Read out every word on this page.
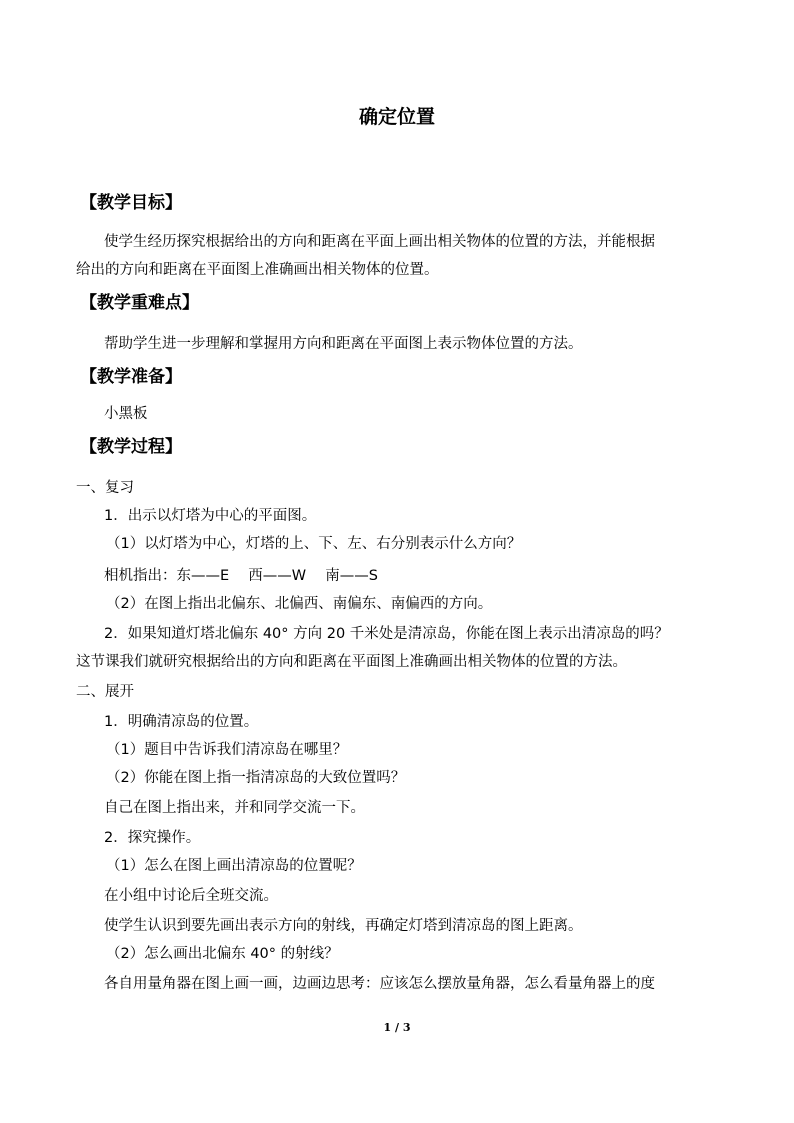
确定位置
【教学目标】
使学生经历探究根据给出的方向和距离在平面上画出相关物体的位置的方法，并能根据
给出的方向和距离在平面图上准确画出相关物体的位置。
【教学重难点】
帮助学生进一步理解和掌握用方向和距离在平面图上表示物体位置的方法。
【教学准备】
小黑板
【教学过程】
一、复习
1．出示以灯塔为中心的平面图。
（1）以灯塔为中心，灯塔的上、下、左、右分别表示什么方向？
相机指出：东——E　 西——W　 南——S
（2）在图上指出北偏东、北偏西、南偏东、南偏西的方向。
2．如果知道灯塔北偏东 40° 方向 20 千米处是清凉岛，你能在图上表示出清凉岛的吗？
这节课我们就研究根据给出的方向和距离在平面图上准确画出相关物体的位置的方法。
二、展开
1．明确清凉岛的位置。
（1）题目中告诉我们清凉岛在哪里？
（2）你能在图上指一指清凉岛的大致位置吗？
自己在图上指出来，并和同学交流一下。
2．探究操作。
（1）怎么在图上画出清凉岛的位置呢？
在小组中讨论后全班交流。
使学生认识到要先画出表示方向的射线，再确定灯塔到清凉岛的图上距离。
（2）怎么画出北偏东 40° 的射线？
各自用量角器在图上画一画，边画边思考：应该怎么摆放量角器，怎么看量角器上的度
1 / 3
